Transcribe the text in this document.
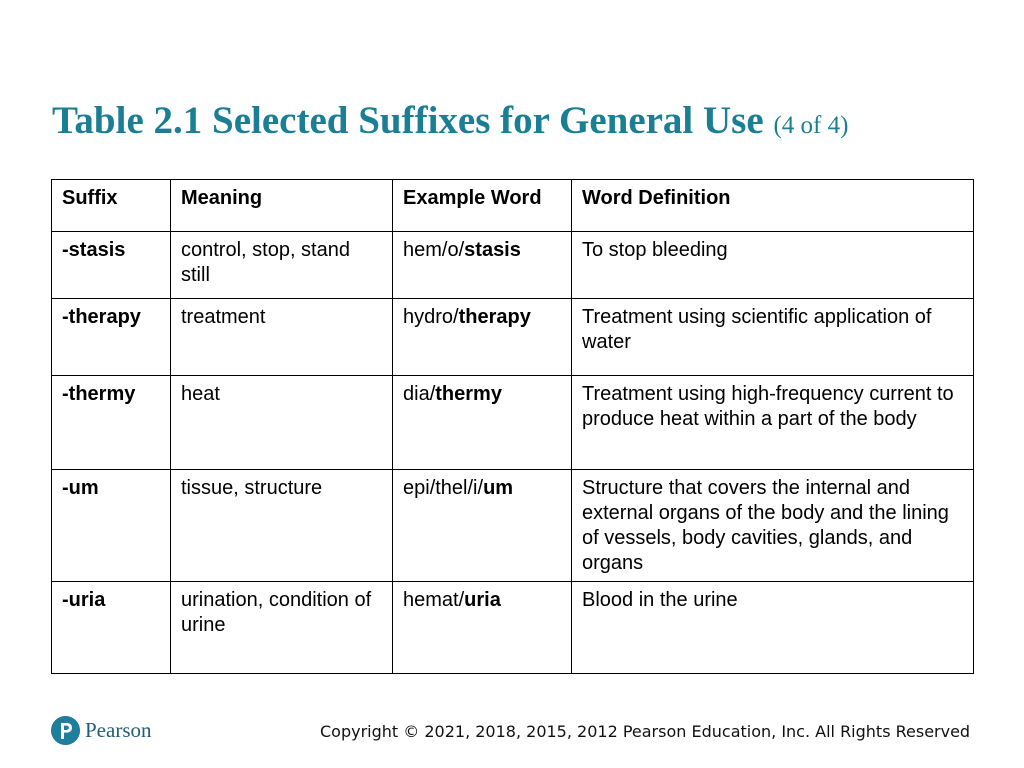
Table 2.1 Selected Suffixes for General Use (4 of 4)
Suffix	Meaning	Example Word	Word Definition
-stasis	control, stop, stand still	hem/o/stasis	To stop bleeding
-therapy	treatment	hydro/therapy	Treatment using scientific application of water
-thermy	heat	dia/thermy	Treatment using high-frequency current to produce heat within a part of the body
-um	tissue, structure	epi/thel/i/um	Structure that covers the internal and external organs of the body and the lining of vessels, body cavities, glands, and organs
-uria	urination, condition of urine	hemat/uria	Blood in the urine
Pearson	Copyright © 2021, 2018, 2015, 2012 Pearson Education, Inc. All Rights Reserved
